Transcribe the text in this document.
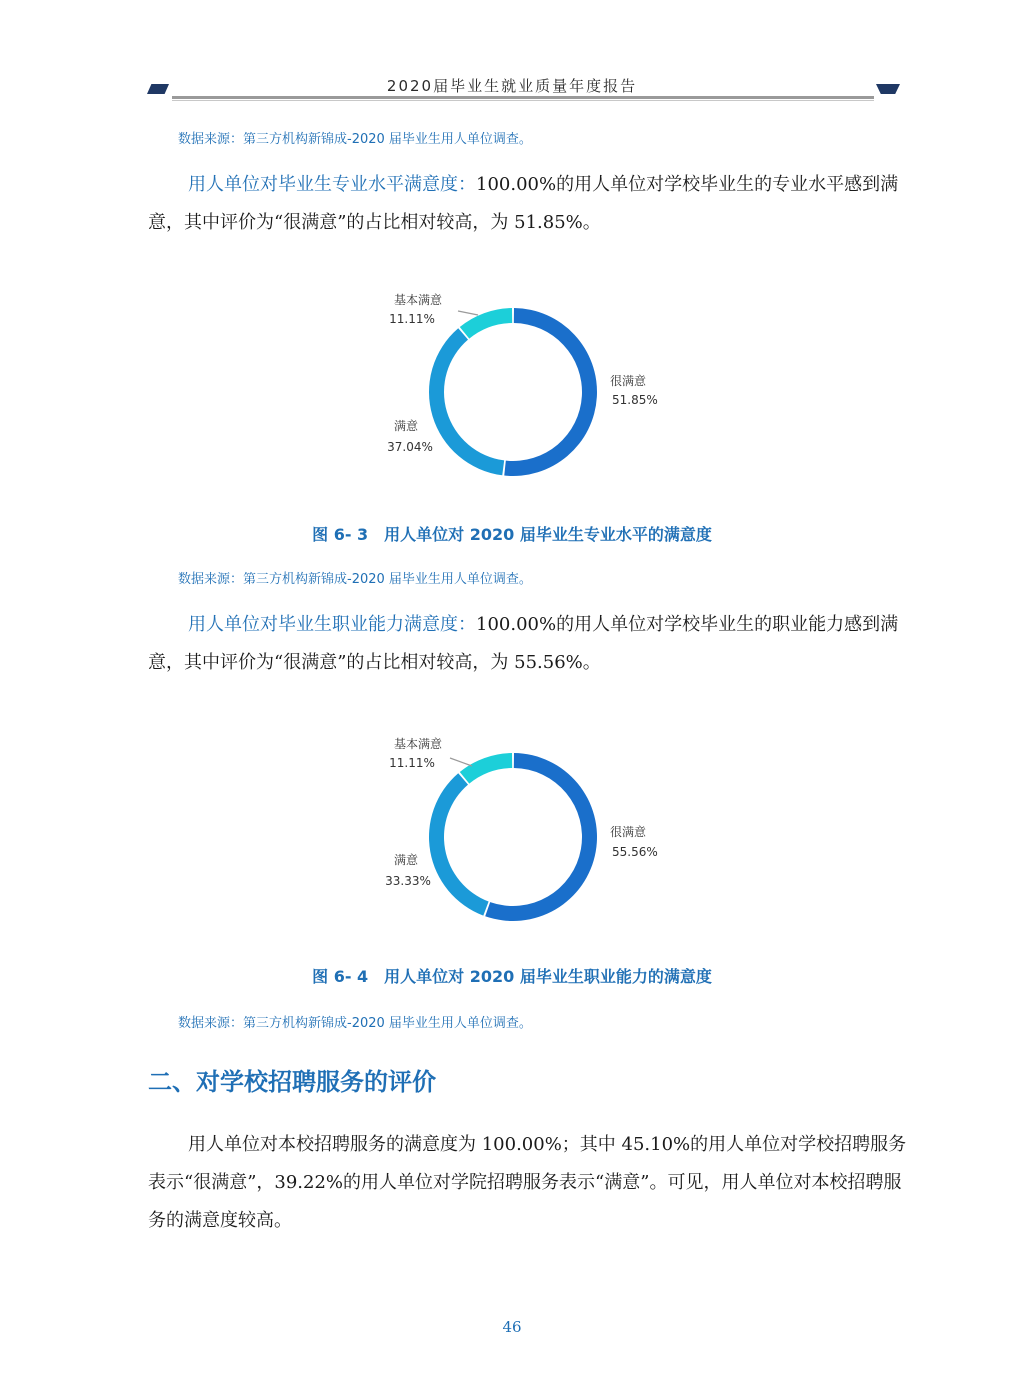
2020届毕业生就业质量年度报告
数据来源：第三方机构新锦成-2020 届毕业生用人单位调查。
用人单位对毕业生专业水平满意度：100.00%的用人单位对学校毕业生的专业水平感到满意，其中评价为“很满意”的占比相对较高，为 51.85%。
基本满意
11.11%
很满意
51.85%
满意
37.04%
图 6- 3　用人单位对 2020 届毕业生专业水平的满意度
数据来源：第三方机构新锦成-2020 届毕业生用人单位调查。
用人单位对毕业生职业能力满意度：100.00%的用人单位对学校毕业生的职业能力感到满意，其中评价为“很满意”的占比相对较高，为 55.56%。
基本满意
11.11%
很满意
55.56%
满意
33.33%
图 6- 4　用人单位对 2020 届毕业生职业能力的满意度
数据来源：第三方机构新锦成-2020 届毕业生用人单位调查。
二、对学校招聘服务的评价
用人单位对本校招聘服务的满意度为 100.00%；其中 45.10%的用人单位对学校招聘服务表示“很满意”，39.22%的用人单位对学院招聘服务表示“满意”。可见，用人单位对本校招聘服务的满意度较高。
46
